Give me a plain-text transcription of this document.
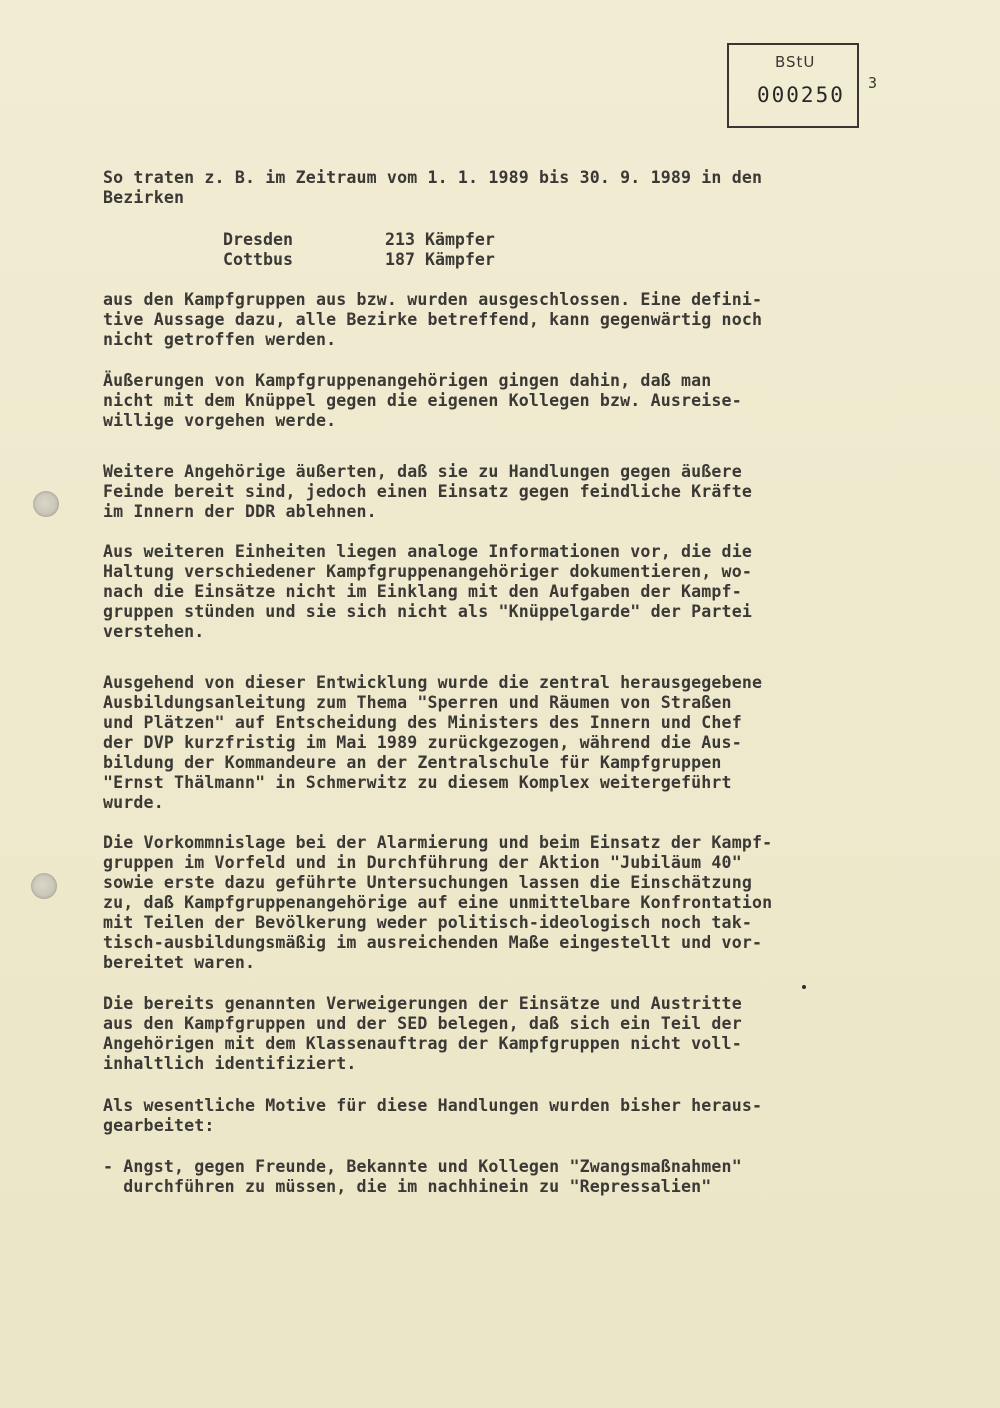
BStU
000250 3
So traten z. B. im Zeitraum vom 1. 1. 1989 bis 30. 9. 1989 in den
Bezirken
Dresden	213 Kämpfer
Cottbus	187 Kämpfer
aus den Kampfgruppen aus bzw. wurden ausgeschlossen. Eine defini-
tive Aussage dazu, alle Bezirke betreffend, kann gegenwärtig noch
nicht getroffen werden.
Äußerungen von Kampfgruppenangehörigen gingen dahin, daß man
nicht mit dem Knüppel gegen die eigenen Kollegen bzw. Ausreise-
willige vorgehen werde.
Weitere Angehörige äußerten, daß sie zu Handlungen gegen äußere
Feinde bereit sind, jedoch einen Einsatz gegen feindliche Kräfte
im Innern der DDR ablehnen.
Aus weiteren Einheiten liegen analoge Informationen vor, die die
Haltung verschiedener Kampfgruppenangehöriger dokumentieren, wo-
nach die Einsätze nicht im Einklang mit den Aufgaben der Kampf-
gruppen stünden und sie sich nicht als "Knüppelgarde" der Partei
verstehen.
Ausgehend von dieser Entwicklung wurde die zentral herausgegebene
Ausbildungsanleitung zum Thema "Sperren und Räumen von Straßen
und Plätzen" auf Entscheidung des Ministers des Innern und Chef
der DVP kurzfristig im Mai 1989 zurückgezogen, während die Aus-
bildung der Kommandeure an der Zentralschule für Kampfgruppen
"Ernst Thälmann" in Schmerwitz zu diesem Komplex weitergeführt
wurde.
Die Vorkommnislage bei der Alarmierung und beim Einsatz der Kampf-
gruppen im Vorfeld und in Durchführung der Aktion "Jubiläum 40"
sowie erste dazu geführte Untersuchungen lassen die Einschätzung
zu, daß Kampfgruppenangehörige auf eine unmittelbare Konfrontation
mit Teilen der Bevölkerung weder politisch-ideologisch noch tak-
tisch-ausbildungsmäßig im ausreichenden Maße eingestellt und vor-
bereitet waren.
Die bereits genannten Verweigerungen der Einsätze und Austritte
aus den Kampfgruppen und der SED belegen, daß sich ein Teil der
Angehörigen mit dem Klassenauftrag der Kampfgruppen nicht voll-
inhaltlich identifiziert.
Als wesentliche Motive für diese Handlungen wurden bisher heraus-
gearbeitet:
- Angst, gegen Freunde, Bekannte und Kollegen "Zwangsmaßnahmen"
durchführen zu müssen, die im nachhinein zu "Repressalien"
